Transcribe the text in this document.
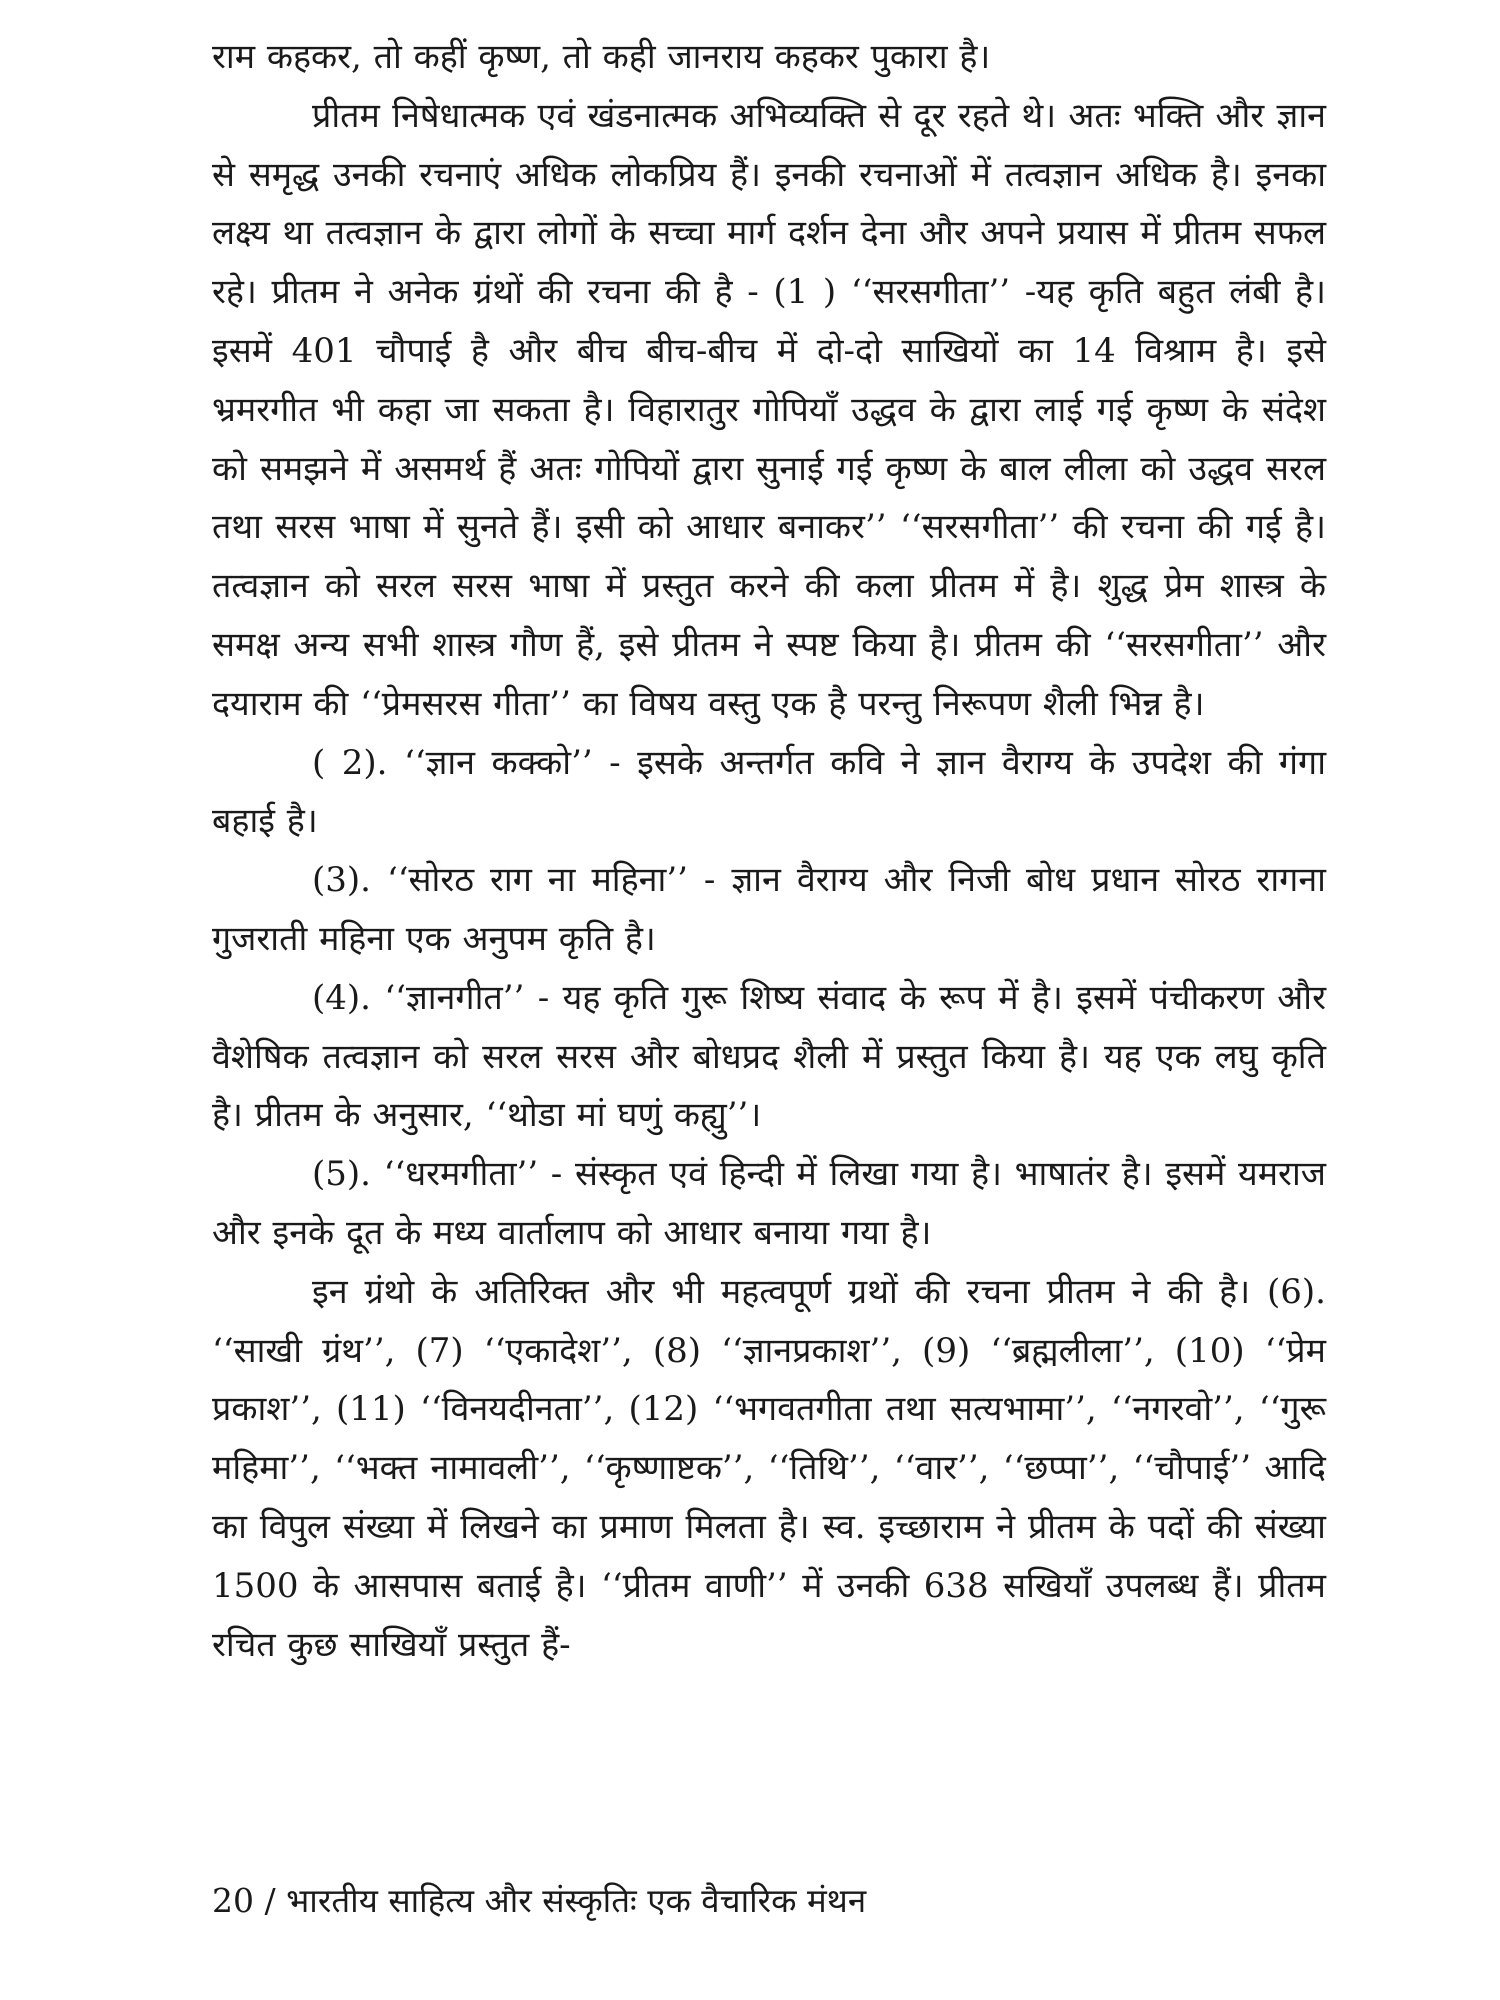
राम कहकर, तो कहीं कृष्ण, तो कही जानराय कहकर पुकारा है।

प्रीतम निषेधात्मक एवं खंडनात्मक अभिव्यक्ति से दूर रहते थे। अतः भक्ति और ज्ञान से समृद्ध उनकी रचनाएं अधिक लोकप्रिय हैं। इनकी रचनाओं में तत्वज्ञान अधिक है। इनका लक्ष्य था तत्वज्ञान के द्वारा लोगों के सच्चा मार्ग दर्शन देना और अपने प्रयास में प्रीतम सफल रहे। प्रीतम ने अनेक ग्रंथों की रचना की है - (1 ) ‘‘सरसगीता’’ -यह कृति बहुत लंबी है। इसमें 401 चौपाई है और बीच बीच-बीच में दो-दो साखियों का 14 विश्राम है। इसे भ्रमरगीत भी कहा जा सकता है। विहारातुर गोपियाँ उद्धव के द्वारा लाई गई कृष्ण के संदेश को समझने में असमर्थ हैं अतः गोपियों द्वारा सुनाई गई कृष्ण के बाल लीला को उद्धव सरल तथा सरस भाषा में सुनते हैं। इसी को आधार बनाकर’’ ‘‘सरसगीता’’ की रचना की गई है। तत्वज्ञान को सरल सरस भाषा में प्रस्तुत करने की कला प्रीतम में है। शुद्ध प्रेम शास्त्र के समक्ष अन्य सभी शास्त्र गौण हैं, इसे प्रीतम ने स्पष्ट किया है। प्रीतम की ‘‘सरसगीता’’ और दयाराम की ‘‘प्रेमसरस गीता’’ का विषय वस्तु एक है परन्तु निरूपण शैली भिन्न है।

( 2). ‘‘ज्ञान कक्को’’ - इसके अन्तर्गत कवि ने ज्ञान वैराग्य के उपदेश की गंगा बहाई है।

(3). ‘‘सोरठ राग ना महिना’’ - ज्ञान वैराग्य और निजी बोध प्रधान सोरठ रागना गुजराती महिना एक अनुपम कृति है।

(4). ‘‘ज्ञानगीत’’ - यह कृति गुरू शिष्य संवाद के रूप में है। इसमें पंचीकरण और वैशेषिक तत्वज्ञान को सरल सरस और बोधप्रद शैली में प्रस्तुत किया है। यह एक लघु कृति है। प्रीतम के अनुसार, ‘‘थोडा मां घणुं कह्यु’’।

(5). ‘‘धरमगीता’’ - संस्कृत एवं हिन्दी में लिखा गया है। भाषातंर है। इसमें यमराज और इनके दूत के मध्य वार्तालाप को आधार बनाया गया है।

इन ग्रंथो के अतिरिक्त और भी महत्वपूर्ण ग्रथों की रचना प्रीतम ने की है। (6). ‘‘साखी ग्रंथ’’, (7) ‘‘एकादेश’’, (8) ‘‘ज्ञानप्रकाश’’, (9) ‘‘ब्रह्मलीला’’, (10) ‘‘प्रेम प्रकाश’’, (11) ‘‘विनयदीनता’’, (12) ‘‘भगवतगीता तथा सत्यभामा’’, ‘‘नगरवो’’, ‘‘गुरू महिमा’’, ‘‘भक्त नामावली’’, ‘‘कृष्णाष्टक’’, ‘‘तिथि’’, ‘‘वार’’, ‘‘छप्पा’’, ‘‘चौपाई’’ आदि का विपुल संख्या में लिखने का प्रमाण मिलता है। स्व. इच्छाराम ने प्रीतम के पदों की संख्या 1500 के आसपास बताई है। ‘‘प्रीतम वाणी’’ में उनकी 638 सखियाँ उपलब्ध हैं। प्रीतम रचित कुछ साखियाँ प्रस्तुत हैं-

20 / भारतीय साहित्य और संस्कृतिः एक वैचारिक मंथन
